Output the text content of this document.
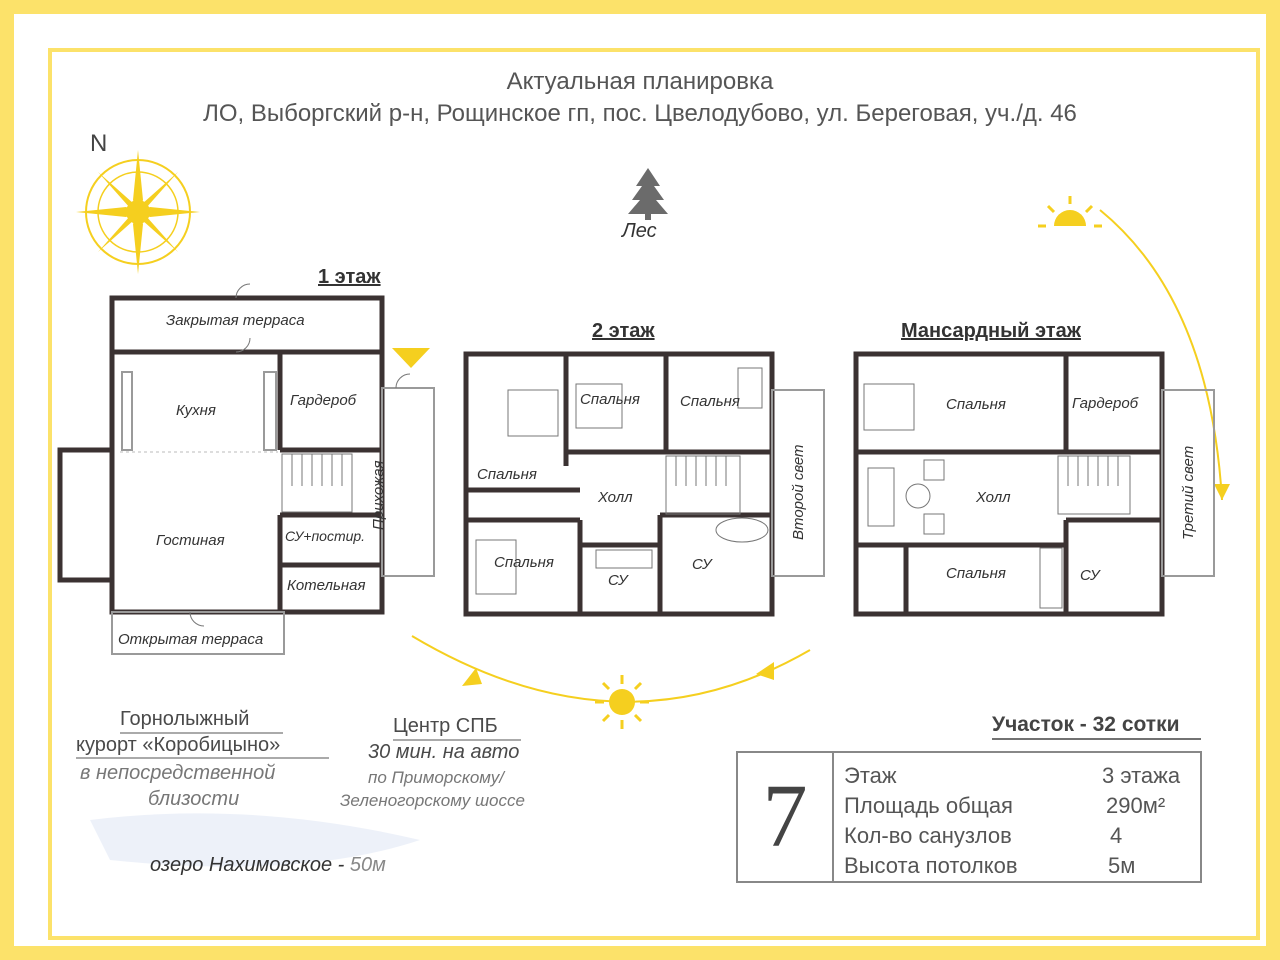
Актуальная планировка
ЛО, Выборгский р-н, Рощинское гп, пос. Цвелодубово, ул. Береговая, уч./д. 46
N
Лес
1 этаж
2 этаж	Мансардный этаж
Закрытая терраса
Кухня
Гардероб
Прихожая
Гостиная	СУ+постир.
Котельная
Открытая терраса
Спальня	Спальня
Спальня
Спальня
Холл
СУ
СУ
Второй свет
Спальня	Гардероб
Холл
Спальня	СУ
Третий свет
Горнолыжный
курорт «Коробицыно»
в непосредственной
близости
Центр СПБ
30 мин. на авто
по Приморскому/
Зеленогорскому шоссе
озеро Нахимовское - 50м
Участок - 32 сотки
7	Этаж	3 этажа
Площадь общая	290м²
Кол-во санузлов	4
Высота потолков	5м
